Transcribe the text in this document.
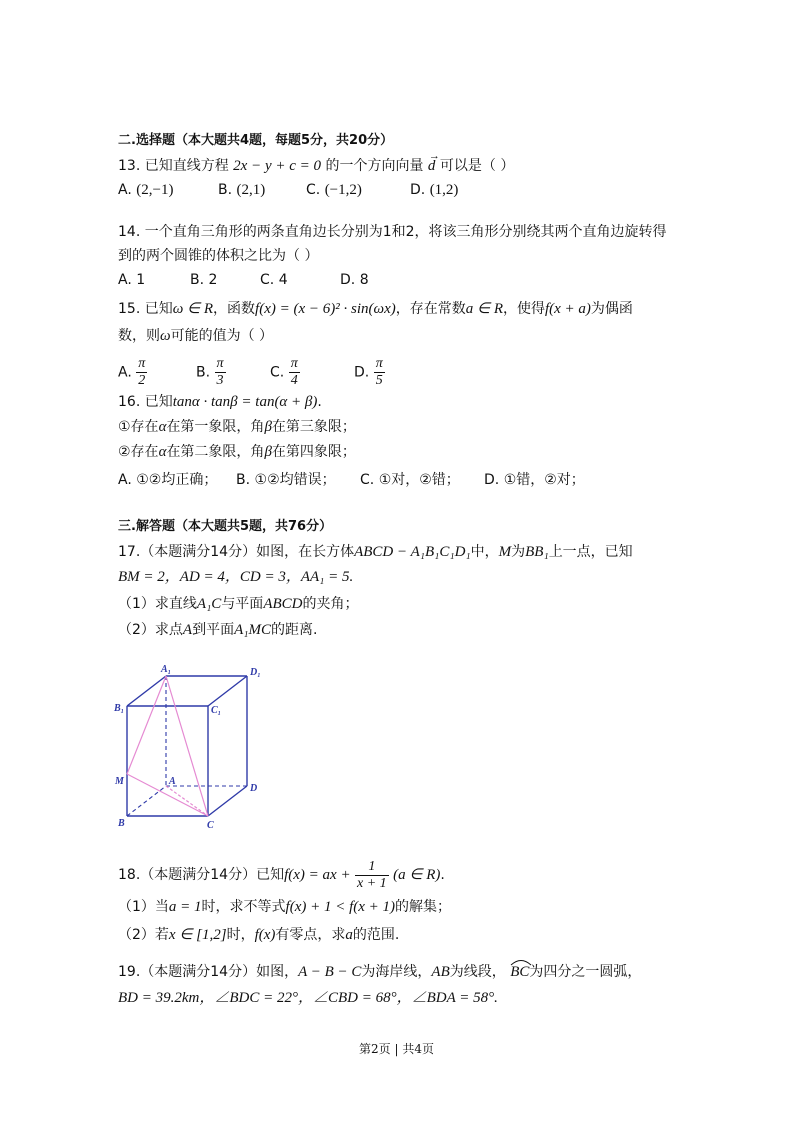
二.选择题（本大题共4题，每题5分，共20分）
13. 已知直线方程 2x − y + c = 0 的一个方向向量
→
d 可以是（ ）
A. (2,−1)	B. (2,1)	C. (−1,2)	D. (1,2)
14. 一个直角三角形的两条直角边长分别为1和2，将该三角形分别绕其两个直角边旋转得
到的两个圆锥的体积之比为（ ）
A. 1	B. 2	C. 4	D. 8
15. 已知ω ∈ R，函数f(x) = (x − 6)² · sin(ωx)，存在常数a ∈ R，使得f(x + a)为偶函
数，则ω可能的值为（ ）
A. $\frac{\pi}{2}$	B. $\frac{\pi}{3}$	C. $\frac{\pi}{4}$	D. $\frac{\pi}{5}$
16. 已知tanα · tanβ = tan(α + β).
①存在α在第一象限，角β在第三象限；
②存在α在第二象限，角β在第四象限；
A. ①②均正确； B. ①②均错误； C. ①对，②错； D. ①错，②对；
三.解答题（本大题共5题，共76分）
17.（本题满分14分）如图，在长方体ABCD − A₁B₁C₁D₁中，M为BB₁上一点，已知
BM = 2，AD = 4，CD = 3，AA₁ = 5.
（1）求直线A₁C与平面ABCD的夹角；
（2）求点A到平面A₁MC的距离.
A₁	D₁
B₁	C₁
M	A
D
B	C
18.（本题满分14分）已知f(x) = ax + $\frac{1}{x + 1} (a$ ∈ R).
（1）当a = 1时，求不等式f(x) + 1 < f(x + 1)的解集；
（2）若x ∈ [1,2]时，f(x)有零点，求a的范围.
19.（本题满分14分）如图，A − B − C为海岸线，AB为线段， BC为四分之一圆弧，
BD = 39.2km，∠BDC = 22°，∠CBD = 68°，∠BDA = 58°.
第2页 | 共4页
